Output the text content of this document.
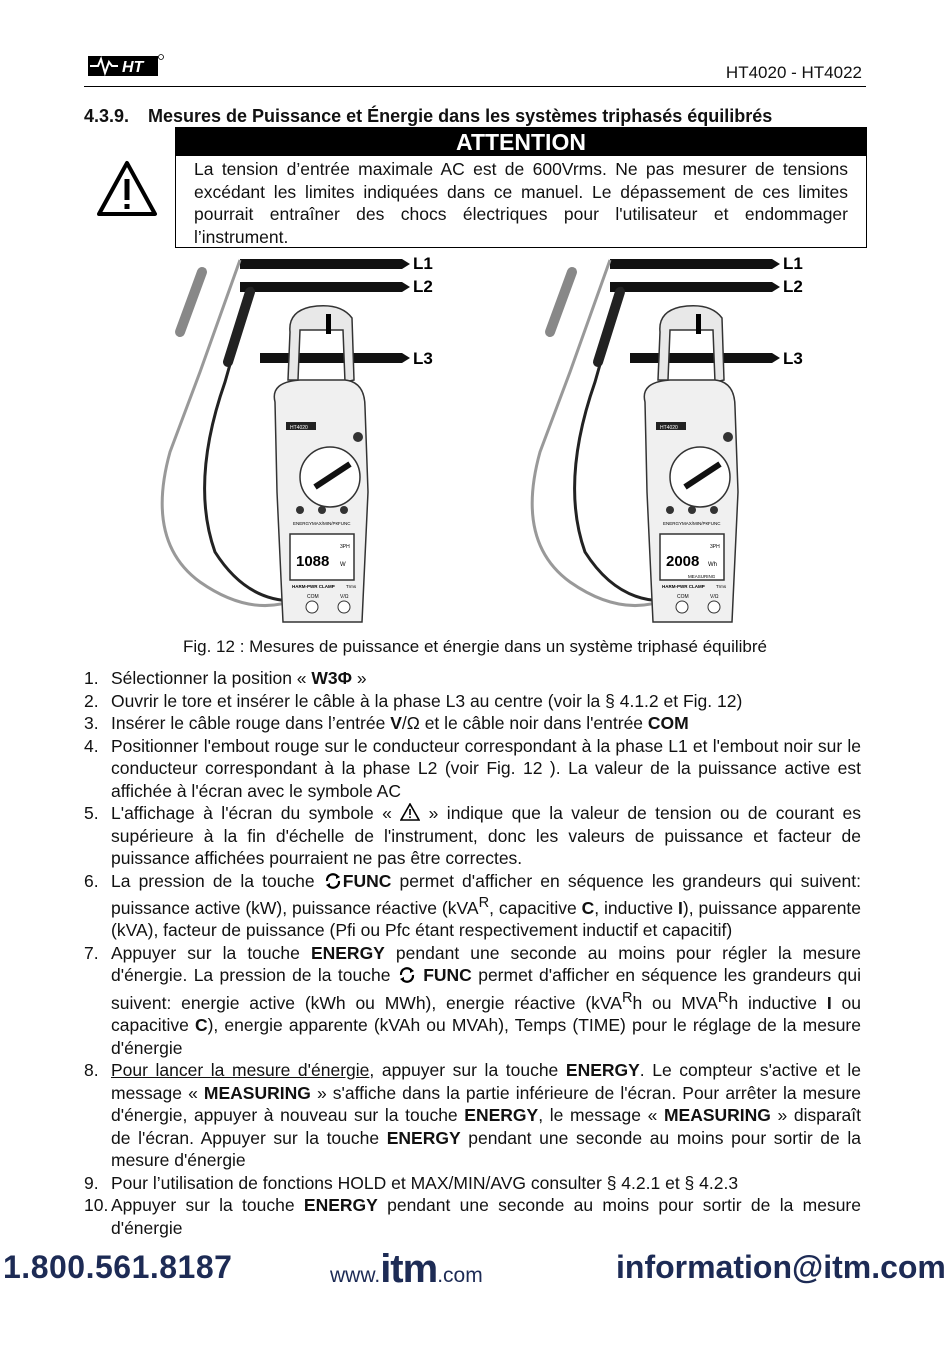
HT	HT4020 - HT4022
4.3.9. Mesures de Puissance et Énergie dans les systèmes triphasés équilibrés
ATTENTION
La tension d’entrée maximale AC est de 600Vrms. Ne pas mesurer de tensions excédant les limites indiquées dans ce manuel. Le dépassement de ces limites pourrait entraîner des chocs électriques pour l'utilisateur et endommager l’instrument.
L1
L2
L3
HT4020
ENERGY MAX/MIN/PK FUNC
1088 W
3PH
HARM-PWR CLAMP	Trms
COM	V/Ω
L1
L2
L3
HT4020
ENERGY MAX/MIN/PK FUNC
2008 Wh
3PH
MEASURING
HARM-PWR CLAMP	Trms
COM	V/Ω
Fig. 12 : Mesures de puissance et énergie dans un système triphasé équilibré
1. Sélectionner la position « W3Φ »
2. Ouvrir le tore et insérer le câble à la phase L3 au centre (voir la § 4.1.2 et Fig. 12)
3. Insérer le câble rouge dans l’entrée V/Ω et le câble noir dans l'entrée COM
4. Positionner l'embout rouge sur le conducteur correspondant à la phase L1 et l'embout noir sur le conducteur correspondant à la phase L2 (voir Fig. 12 ). La valeur de la puissance active est affichée à l'écran avec le symbole AC
5. L'affichage à l'écran du symbole «  » indique que la valeur de tension ou de courant es supérieure à la fin d'échelle de l'instrument, donc les valeurs de puissance et facteur de puissance affichées pourraient ne pas être correctes.
6. La pression de la touche FUNC permet d'afficher en séquence les grandeurs qui suivent: puissance active (kW), puissance réactive (kVA$^R$, capacitive C, inductive I), puissance apparente (kVA), facteur de puissance (Pfi ou Pfc étant respectivement inductif et capacitif)
7. Appuyer sur la touche ENERGY pendant une seconde au moins pour régler la mesure d'énergie. La pression de la touche  FUNC permet d'afficher en séquence les grandeurs qui suivent: energie active (kWh ou MWh), energie réactive (kVA$^R$h ou $MVA^Rh$ inductive I ou capacitive C), energie apparente (kVAh ou MVAh), Temps (TIME) pour le réglage de la mesure d'énergie
8. Pour lancer la mesure d'énergie, appuyer sur la touche ENERGY. Le compteur s'active et le message « MEASURING » s'affiche dans la partie inférieure de l'écran. Pour arrêter la mesure d'énergie, appuyer à nouveau sur la touche ENERGY, le message « MEASURING » disparaît de l'écran. Appuyer sur la touche ENERGY pendant une seconde au moins pour sortir de la mesure d'énergie
9. Pour l’utilisation de fonctions HOLD et MAX/MIN/AVG consulter § 4.2.1 et § 4.2.3
10. Appuyer sur la touche ENERGY pendant une seconde au moins pour sortir de la mesure d'énergie
1.800.561.8187	www.itm.com	information@itm.com
